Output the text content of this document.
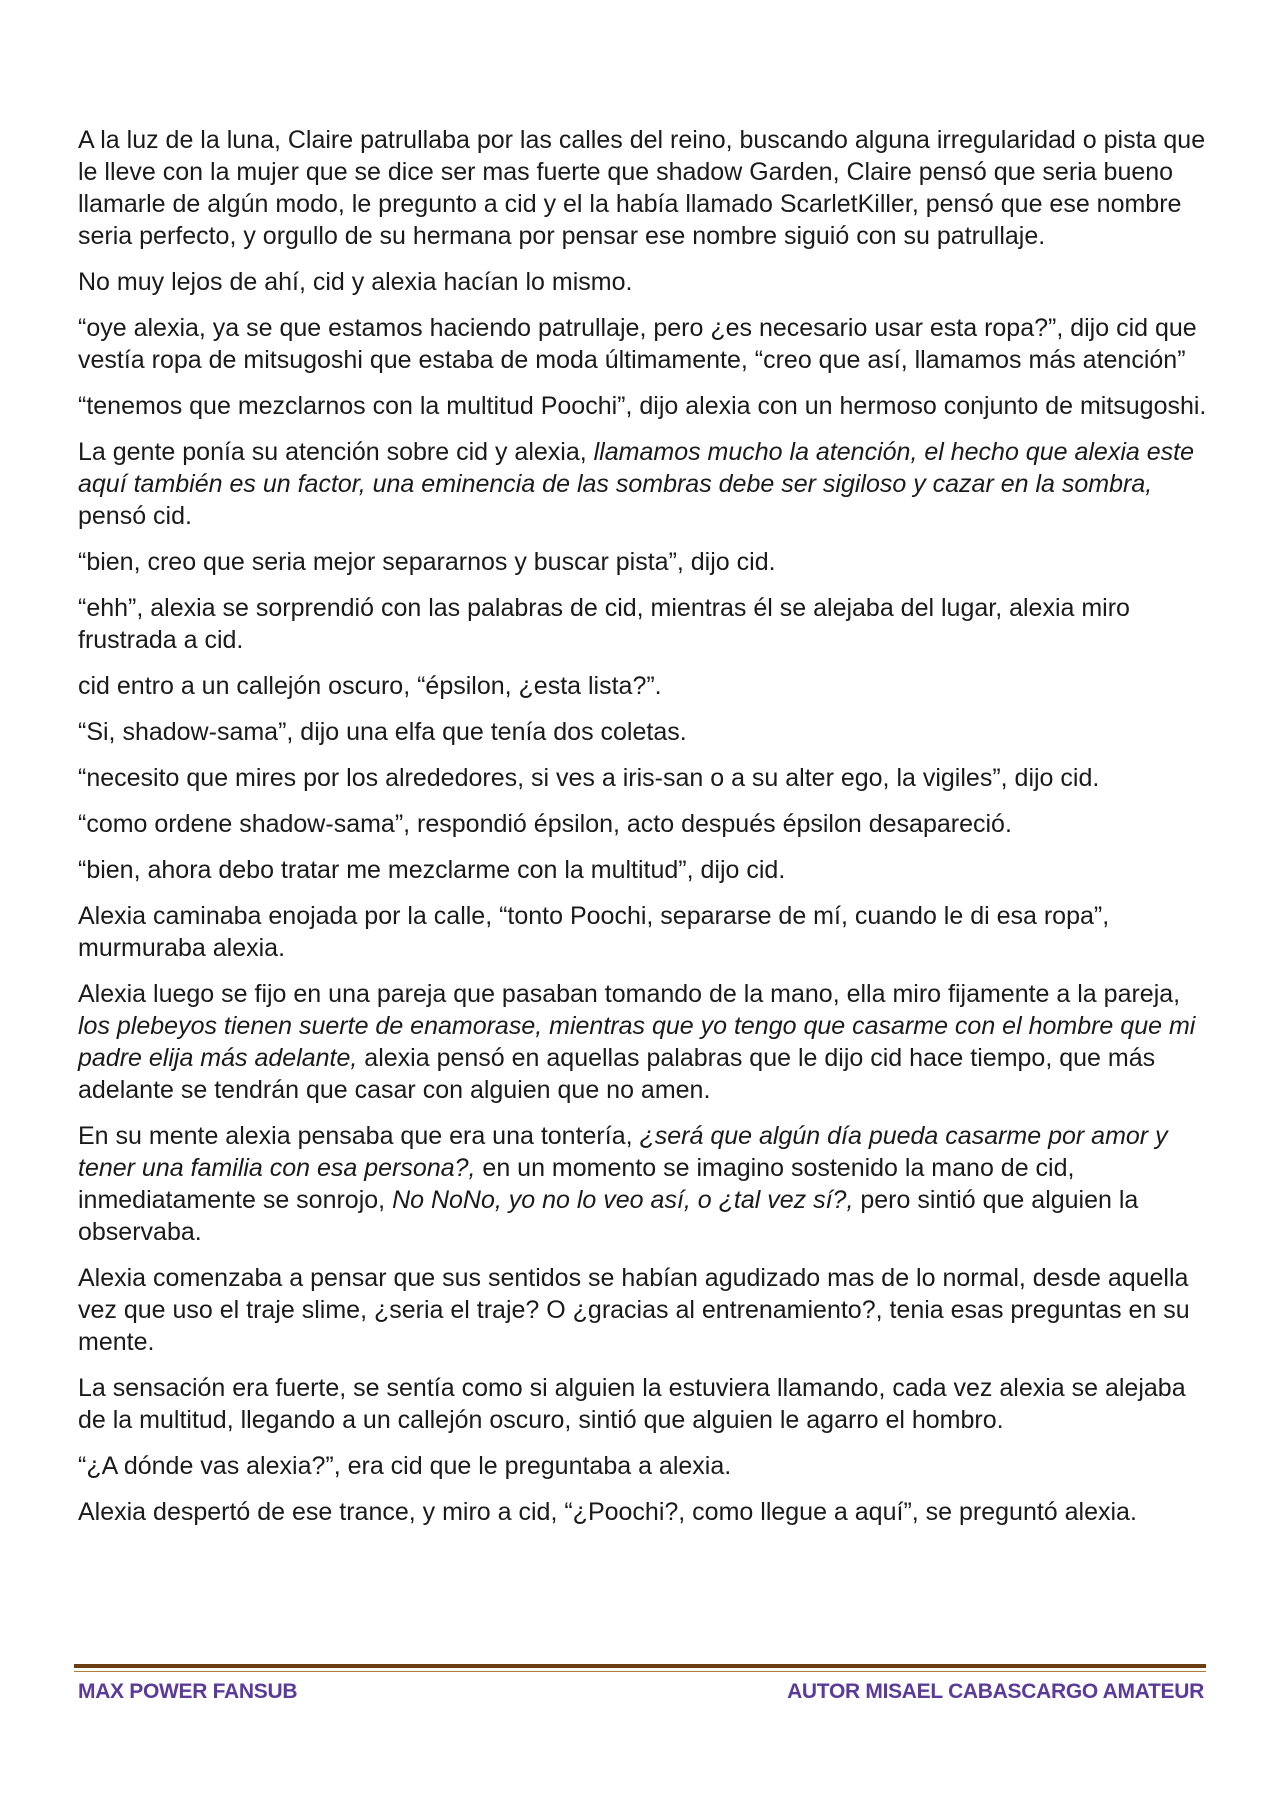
A la luz de la luna, Claire patrullaba por las calles del reino, buscando alguna irregularidad o pista que le lleve con la mujer que se dice ser mas fuerte que shadow Garden, Claire pensó que seria bueno llamarle de algún modo, le pregunto a cid y el la había llamado ScarletKiller, pensó que ese nombre seria perfecto, y orgullo de su hermana por pensar ese nombre siguió con su patrullaje.

No muy lejos de ahí, cid y alexia hacían lo mismo.

“oye alexia, ya se que estamos haciendo patrullaje, pero ¿es necesario usar esta ropa?”, dijo cid que vestía ropa de mitsugoshi que estaba de moda últimamente, “creo que así, llamamos más atención”

“tenemos que mezclarnos con la multitud Poochi”, dijo alexia con un hermoso conjunto de mitsugoshi.

La gente ponía su atención sobre cid y alexia, llamamos mucho la atención, el hecho que alexia este aquí también es un factor, una eminencia de las sombras debe ser sigiloso y cazar en la sombra, pensó cid.

“bien, creo que seria mejor separarnos y buscar pista”, dijo cid.

“ehh”, alexia se sorprendió con las palabras de cid, mientras él se alejaba del lugar, alexia miro frustrada a cid.

cid entro a un callejón oscuro, “épsilon, ¿esta lista?”.

“Si, shadow-sama”, dijo una elfa que tenía dos coletas.

“necesito que mires por los alrededores, si ves a iris-san o a su alter ego, la vigiles”, dijo cid.

“como ordene shadow-sama”, respondió épsilon, acto después épsilon desapareció.

“bien, ahora debo tratar me mezclarme con la multitud”, dijo cid.

Alexia caminaba enojada por la calle, “tonto Poochi, separarse de mí, cuando le di esa ropa”, murmuraba alexia.

Alexia luego se fijo en una pareja que pasaban tomando de la mano, ella miro fijamente a la pareja, los plebeyos tienen suerte de enamorase, mientras que yo tengo que casarme con el hombre que mi padre elija más adelante, alexia pensó en aquellas palabras que le dijo cid hace tiempo, que más adelante se tendrán que casar con alguien que no amen.

En su mente alexia pensaba que era una tontería, ¿será que algún día pueda casarme por amor y tener una familia con esa persona?, en un momento se imagino sostenido la mano de cid, inmediatamente se sonrojo, No NoNo, yo no lo veo así, o ¿tal vez sí?, pero sintió que alguien la observaba.

Alexia comenzaba a pensar que sus sentidos se habían agudizado mas de lo normal, desde aquella vez que uso el traje slime, ¿seria el traje? O ¿gracias al entrenamiento?, tenia esas preguntas en su mente.

La sensación era fuerte, se sentía como si alguien la estuviera llamando, cada vez alexia se alejaba de la multitud, llegando a un callejón oscuro, sintió que alguien le agarro el hombro.

“¿A dónde vas alexia?”, era cid que le preguntaba a alexia.

Alexia despertó de ese trance, y miro a cid, “¿Poochi?, como llegue a aquí”, se preguntó alexia.

MAX POWER FANSUB	AUTOR MISAEL CABASCARGO AMATEUR
